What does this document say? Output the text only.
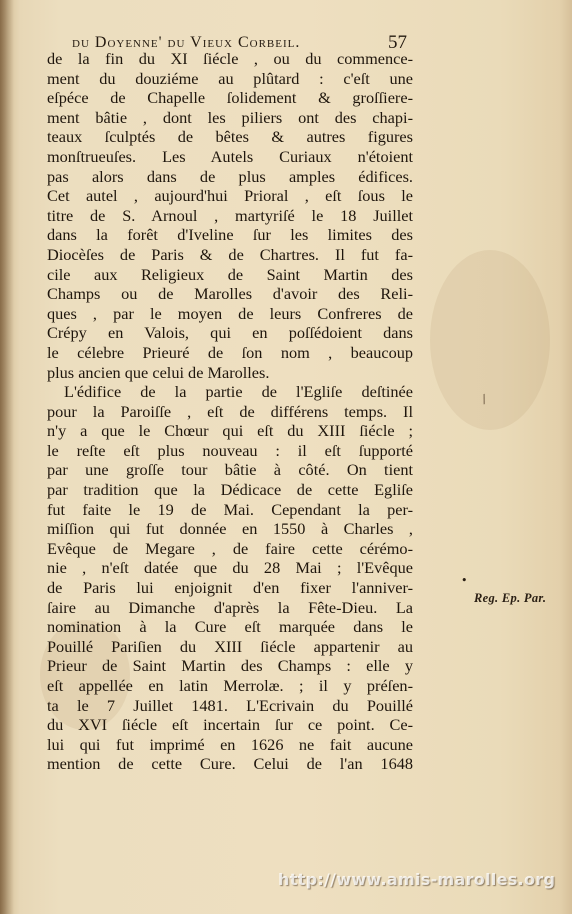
du Doyenne' du Vieux Corbeil.	57
de la fin du XI ſiécle , ou du commence-
ment du douziéme au plûtard : c'eſt une
eſpéce de Chapelle ſolidement & groſſiere-
ment bâtie , dont les piliers ont des chapi-
teaux ſculptés de bêtes & autres figures
monſtrueuſes. Les Autels Curiaux n'étoient
pas alors dans de plus amples édifices.
Cet autel , aujourd'hui Prioral , eſt ſous le
titre de S. Arnoul , martyriſé le 18 Juillet
dans la forêt d'Iveline ſur les limites des
Diocèſes de Paris & de Chartres. Il fut fa-
cile aux Religieux de Saint Martin des
Champs ou de Marolles d'avoir des Reli-
ques , par le moyen de leurs Confreres de
Crépy en Valois, qui en poſſédoient dans
le célebre Prieuré de ſon nom , beaucoup
plus ancien que celui de Marolles.
L'édifice de la partie de l'Egliſe deſtinée
pour la Paroiſſe , eſt de différens temps. Il
n'y a que le Chœur qui eſt du XIII ſiécle ;
le reſte eſt plus nouveau : il eſt ſupporté
par une groſſe tour bâtie à côté. On tient
par tradition que la Dédicace de cette Egliſe
fut faite le 19 de Mai. Cependant la per-
miſſion qui fut donnée en 1550 à Charles ,
Evêque de Megare , de faire cette cérémo-
nie , n'eſt datée que du 28 Mai ; l'Evêque
de Paris lui enjoignit d'en fixer l'anniver-
ſaire au Dimanche d'après la Fête-Dieu. La
nomination à la Cure eſt marquée dans le
Pouillé Pariſien du XIII ſiécle appartenir au
Prieur de Saint Martin des Champs : elle y
eſt appellée en latin Merrolæ. ; il y préſen-
ta le 7 Juillet 1481. L'Ecrivain du Pouillé
du XVI ſiécle eſt incertain ſur ce point. Ce-
lui qui fut imprimé en 1626 ne fait aucune
mention de cette Cure. Celui de l'an 1648
•
/
Reg. Ep. Par.
http://www.amis-marolles.org
